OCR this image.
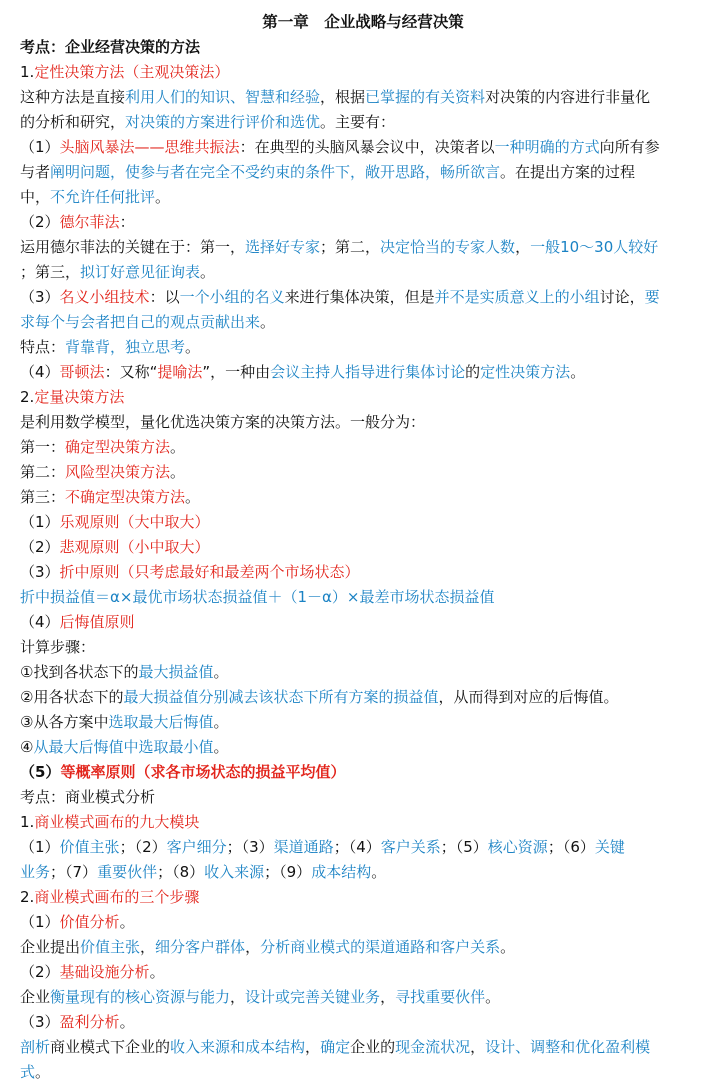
第一章　企业战略与经营决策
考点：企业经营决策的方法
1.定性决策方法（主观决策法）
这种方法是直接利用人们的知识、智慧和经验，根据已掌握的有关资料对决策的内容进行非量化
的分析和研究，对决策的方案进行评价和选优。主要有：
（1）头脑风暴法——思维共振法：在典型的头脑风暴会议中，决策者以一种明确的方式向所有参
与者阐明问题，使参与者在完全不受约束的条件下，敞开思路，畅所欲言。在提出方案的过程
中，不允许任何批评。
（2）德尔菲法：
运用德尔菲法的关键在于：第一，选择好专家；第二，决定恰当的专家人数，一般10～30人较好
；第三，拟订好意见征询表。
（3）名义小组技术：以一个小组的名义来进行集体决策，但是并不是实质意义上的小组讨论，要
求每个与会者把自己的观点贡献出来。
特点：背靠背，独立思考。
（4）哥顿法：又称“提喻法”，一种由会议主持人指导进行集体讨论的定性决策方法。
2.定量决策方法
是利用数学模型，量化优选决策方案的决策方法。一般分为：
第一：确定型决策方法。
第二：风险型决策方法。
第三：不确定型决策方法。
（1）乐观原则（大中取大）
（2）悲观原则（小中取大）
（3）折中原则（只考虑最好和最差两个市场状态）
折中损益值＝α×最优市场状态损益值＋（1－α）×最差市场状态损益值
（4）后悔值原则
计算步骤：
①找到各状态下的最大损益值。
②用各状态下的最大损益值分别减去该状态下所有方案的损益值，从而得到对应的后悔值。
③从各方案中选取最大后悔值。
④从最大后悔值中选取最小值。
（5）等概率原则（求各市场状态的损益平均值）
考点：商业模式分析
1.商业模式画布的九大模块
（1）价值主张；（2）客户细分；（3）渠道通路；（4）客户关系；（5）核心资源；（6）关键
业务；（7）重要伙伴；（8）收入来源；（9）成本结构。
2.商业模式画布的三个步骤
（1）价值分析。
企业提出价值主张，细分客户群体，分析商业模式的渠道通路和客户关系。
（2）基础设施分析。
企业衡量现有的核心资源与能力，设计或完善关键业务，寻找重要伙伴。
（3）盈利分析。
剖析商业模式下企业的收入来源和成本结构，确定企业的现金流状况，设计、调整和优化盈利模
式。
